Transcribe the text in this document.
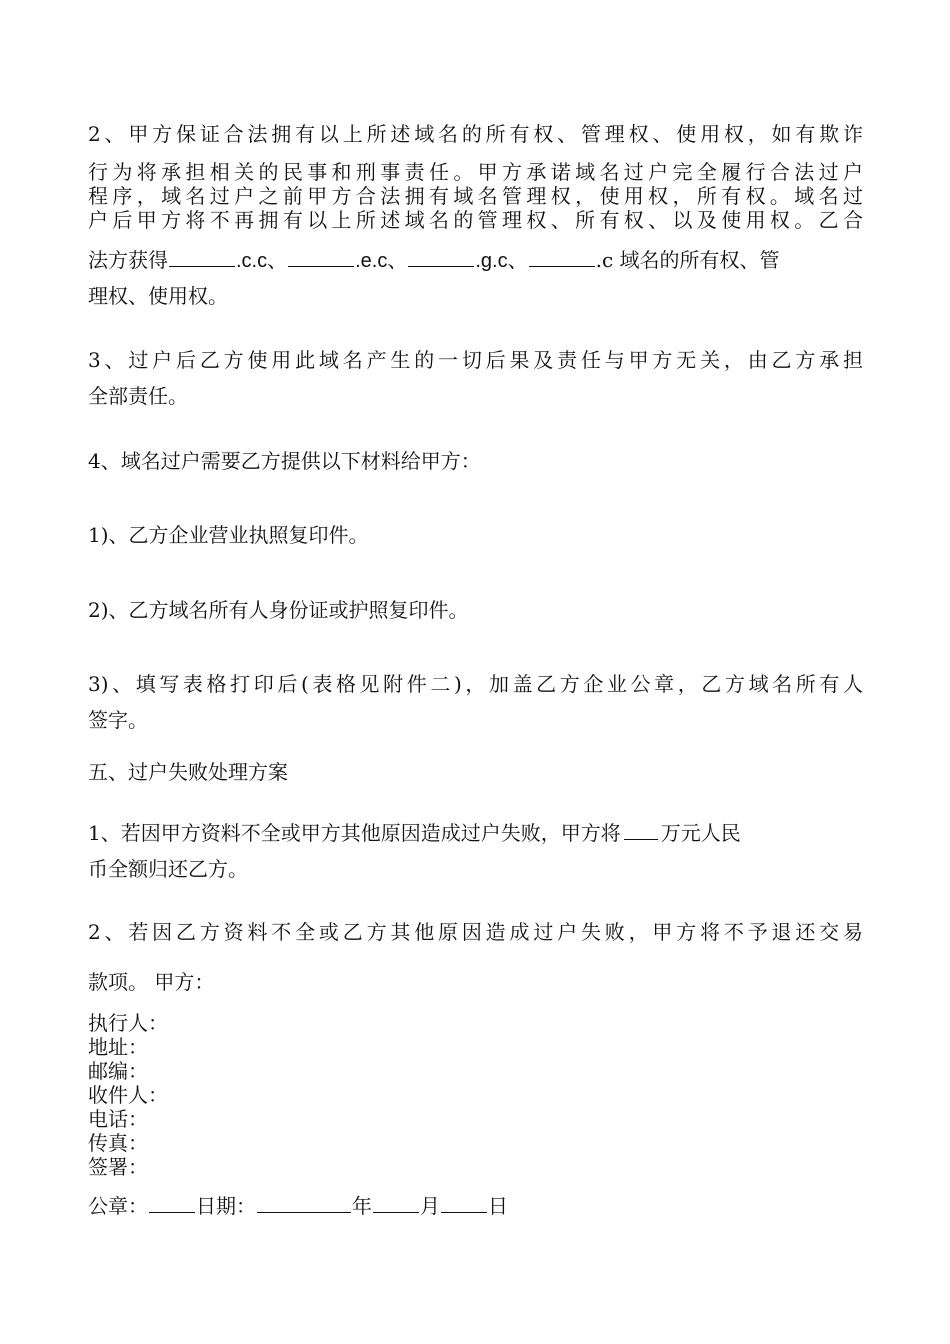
2、甲方保证合法拥有以上所述域名的所有权、管理权、使用权，如有欺诈
行为将承担相关的民事和刑事责任。甲方承诺域名过户完全履行合法过户
程序，域名过户之前甲方合法拥有域名管理权，使用权，所有权。域名过
户后甲方将不再拥有以上所述域名的管理权、所有权、以及使用权。乙合
法方获得	.c.c、	.e.c、	.g.c、	.c 域名的所有权、管
理权、使用权。
3、过户后乙方使用此域名产生的一切后果及责任与甲方无关，由乙方承担
全部责任。
4、域名过户需要乙方提供以下材料给甲方：
1)、乙方企业营业执照复印件。
2)、乙方域名所有人身份证或护照复印件。
3)、填写表格打印后(表格见附件二)，加盖乙方企业公章，乙方域名所有人
签字。
五、过户失败处理方案
1、若因甲方资料不全或甲方其他原因造成过户失败，甲方将 万元人民
币全额归还乙方。
2、若因乙方资料不全或乙方其他原因造成过户失败，甲方将不予退还交易
款项。 甲方：
执行人：
地址：
邮编：
收件人：
电话：
传真：
签署：
公章： 日期：	年 月 日
